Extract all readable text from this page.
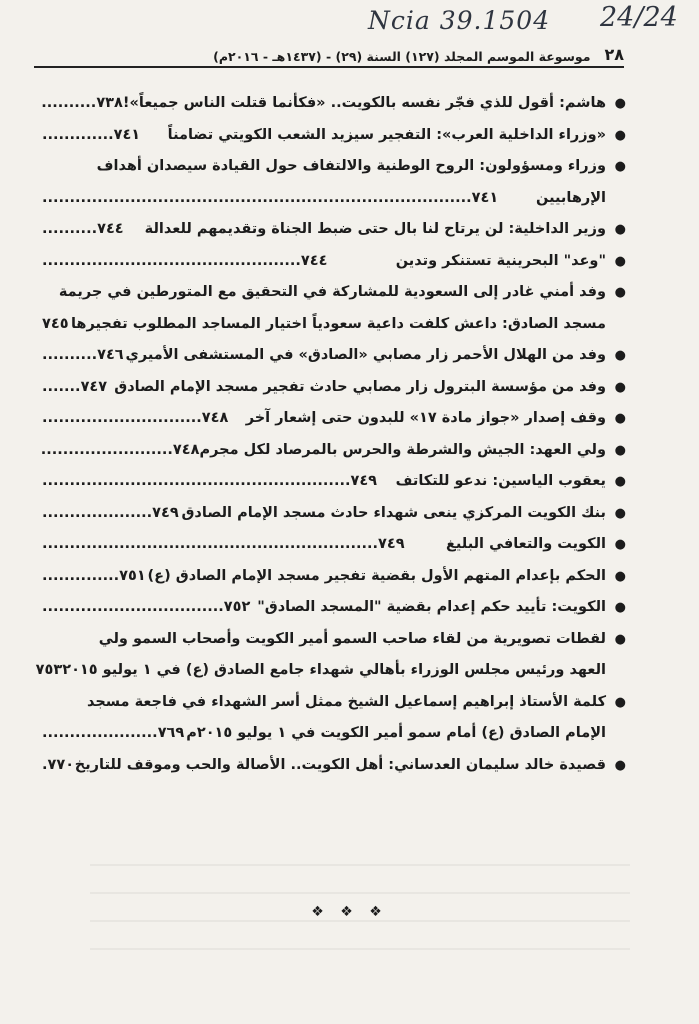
Ncia 39.1504 24/24
٢٨
موسوعة الموسم المجلد (١٢٧) السنة (٢٩) - (١٤٣٧هـ - ٢٠١٦م)
●
هاشم: أقول للذي فجّر نفسه بالكويت.. «فكأنما قتلت الناس جميعاً»!
..........٧٣٨
●
«وزراء الداخلية العرب»: التفجير سيزيد الشعب الكويتي تضامناً
.............٧٤١
●
وزراء ومسؤولون: الروح الوطنية والالتفاف حول القيادة سيصدان أهداف
الإرهابيين
..............................................................................٧٤١
●
وزير الداخلية: لن يرتاح لنا بال حتى ضبط الجناة وتقديمهم للعدالة
..........٧٤٤
●
"وعد" البحرينية تستنكر وتدين
...............................................٧٤٤
●
وفد أمني غادر إلى السعودية للمشاركة في التحقيق مع المتورطين في جريمة
مسجد الصادق: داعش كلفت داعية سعودياً اختيار المساجد المطلوب تفجيرها
٧٤٥
●
وفد من الهلال الأحمر زار مصابي «الصادق» في المستشفى الأميري
..........٧٤٦
●
وفد من مؤسسة البترول زار مصابي حادث تفجير مسجد الإمام الصادق
.......٧٤٧
●
وقف إصدار «جواز مادة ١٧» للبدون حتى إشعار آخر
.............................٧٤٨
●
ولي العهد: الجيش والشرطة والحرس بالمرصاد لكل مجرم
........................٧٤٨
●
يعقوب الياسين: ندعو للتكاتف
........................................................٧٤٩
●
بنك الكويت المركزي ينعى شهداء حادث مسجد الإمام الصادق
....................٧٤٩
●
الكويت والتعافي البليغ
.............................................................٧٤٩
●
الحكم بإعدام المتهم الأول بقضية تفجير مسجد الإمام الصادق (ع)
..............٧٥١
●
الكويت: تأييد حكم إعدام بقضية "المسجد الصادق"
.................................٧٥٢
●
لقطات تصويرية من لقاء صاحب السمو أمير الكويت وأصحاب السمو ولي
العهد ورئيس مجلس الوزراء بأهالي شهداء جامع الصادق (ع) في ١ يوليو ٢٠١٥
٧٥٣
●
كلمة الأستاذ إبراهيم إسماعيل الشيخ ممثل أسر الشهداء في فاجعة مسجد
الإمام الصادق (ع) أمام سمو أمير الكويت في ١ يوليو ٢٠١٥م
.....................٧٦٩
●
قصيدة خالد سليمان العدساني: أهل الكويت.. الأصالة والحب وموقف للتاريخ
.٧٧٠
❖ ❖ ❖
